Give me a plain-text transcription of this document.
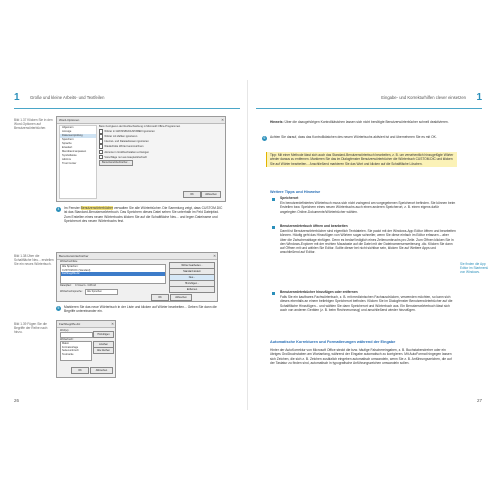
1 Große und kleine Arbeits- und Textfeilen
Bild 1.37 Klicken Sie in den Word-Optionen auf Benutzerwörterbücher.
Word-Optionen	✕
Allgemein
Anzeige
Dokumentprüfung
Speichern
Sprache
Erweitert
Menüband anpassen
Symbolleiste
Add-Ins
Trust Center
Beim Korrigieren der Rechtschreibung in Microsoft Office-Programmen
Wörter in GROSSBUCHSTABEN ignorieren
Wörter mit Zahlen ignorieren
Internet- und Dateiadressen ignorieren
Wiederholte Wörter kennzeichnen
Akzente in Großbuchstaben erzwingen
Vorschläge nur aus Hauptwörterbuch
Benutzerwörterbücher...
OK	Abbrechen
4	Im Fenster Benutzerwörterbücher verwalten Sie alle Wörterbücher. Die Sammlung zeigt, dass CUSTOM.DIC ist das Standard-Benutzerwörterbuch. Das Speichern dieses Datei sehen Sie unterhalb im Feld Dateipfad. Zum Erstellen eines neuen Wörterbuchs klicken Sie auf die Schaltfläche Neu... und legen Dateiname und Speicherort des neuen Wörterbuchs fest.
Bild 1.38 Über die Schaltfläche Neu... erstellen Sie ein neues Wörterbuch.
Benutzerwörterbücher	✕
Wörterbuchliste
Alle Sprachen:
CUSTOM.DIC (Standard)
Fachbegriffe.dic
Wörter bearbeiten...
Standard ändern
Neu...
Hinzufügen...
Entfernen
Dateipfad: C:\Users\...\UProof
Wörterbuchsprache:	Alle Sprachen
OK	Abbrechen
5	Markieren Sie das neue Wörterbuch in der Liste und klicken auf Wörter bearbeiten... Geben Sie dann die Begriffe untereinander ein.
Bild 1.39 Fügen Sie die Begriffe der Reihe nach hinzu.
Fachbegriffe.dic	✕
Wort(e):
Hinzufügen
Wörterbuch:
Makro
Formatvorlage
Seitenumbruch
Textmarke
Löschen
Alle löschen
OK	Abbrechen
26
Eingabe- und Korrekturhilfen clever einsetzen 1
Hinweis: Über die dazugehörigen Kontrollkästchen lassen sich nicht benötigte Benutzerwörterbücher schnell deaktivieren.
6	Achten Sie darauf, dass das Kontrollkästchen des neuen Wörterbuchs aktiviert ist und übernehmen Sie es mit OK.
Tipp: Mit einer Methode lässt sich auch das Standard-Benutzerwörterbuch bearbeiten, z. B. um versehentlich hinzugefügte Wörter wieder daraus zu entfernen. Markieren Sie das im Dialogfenster Benutzerwörterbücher die Wörterbuch CUSTOM.DIC und klicken Sie auf Wörter bearbeiten... Anschließend markieren Sie das Wort und klicken auf die Schaltfläche Löschen.
Weitere Tipps und Hinweise
Speicherort
Ein benutzerdefiniertes Wörterbuch muss sich nicht zwingend am vorgegebenen Speicherort befinden. Sie können beim Erstellen bzw. Speichern eines neuen Wörterbuchs auch einen anderen Speicherort, z. B. einen eigens dafür angelegten Online-Dokumente/Wörterbücher wählen.
Benutzerwörterbuch öffnen und bearbeiten
Damit ist Benutzerwörterbücher sind eigentlich Textdateien. Sie packt mit der Windows-App Editor öffnen und bearbeiten können. Häufig geht das Hinzufügen von Wörtern sogar schneller, wenn Sie diese einfach im Editor erfassen – aber über die Zwischenablage einfügen. Denn es bedarf lediglich eines Zeilenumbruchs pro Zeile. Zum Öffnen klicken Sie in den Windows-Explorer mit der rechten Maustaste auf die Datei mit der Dateinamenserweiterung .dic. Klicken Sie dann auf Öffnen mit und wählen Sie Editor. Sollte dieser bei nicht sichtbar sein, klicken Sie auf Weitere Apps und anschließend auf Editor.
Sie finden die App Editor im Startmenü von Windows.
Benutzerwörterbücher hinzufügen oder entfernen
Falls Sie ein kaufbares Fachwörterbuch, z. B. mit medizinischen Fachausdrücken, verwenden möchten, so kann sich dieses ebenfalls an einem beliebigen Speicherort befinden. Klicken Sie im Dialogfenster Benutzerwörterbücher auf die Schaltfläche Hinzufügen... und wählen Sie dann Speicherort und Wörterbuch aus. Ein Benutzerwörterbuch lässt sich auch von anderen Geräten (z. B. beim Rechnerumzug) und anschließend wieder hinzufügen.
Automatische Korrekturen und Formatierungen während der Eingabe
Hinter der AutoKorrektur von Microsoft Office steckt die bzw. häufige Falschereingaben, z. B. Buchstabendreher oder ein übriges Großbuchstaben am Wortanfang, während der Eingabe automatisch zu korrigieren. Mit AutoFormat hingegen lassen sich Zeichen, die sich z. B. Zeichen zusätzlich eingeben automatisch umwandeln, wenn Sie z. B. Anführungszeichen, die auf der Tastatur zu finden sind, automatisch in typografische Anführungszeichen umwandeln sollen.
27
